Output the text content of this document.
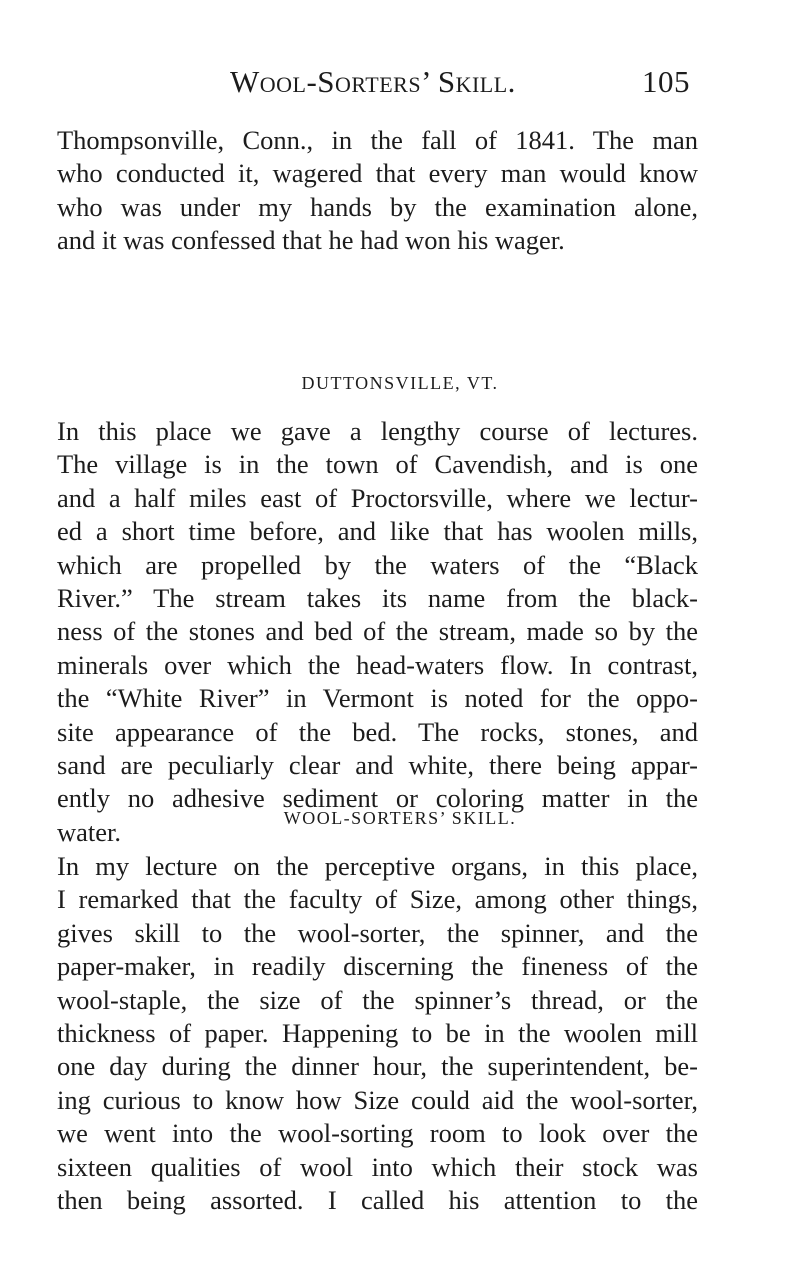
Wool-Sorters’ Skill.	105
Thompsonville, Conn., in the fall of 1841. The man
who conducted it, wagered that every man would know
who was under my hands by the examination alone,
and it was confessed that he had won his wager.
DUTTONSVILLE, VT.
In this place we gave a lengthy course of lectures.
The village is in the town of Cavendish, and is one
and a half miles east of Proctorsville, where we lectur-
ed a short time before, and like that has woolen mills,
which are propelled by the waters of the “Black
River.” The stream takes its name from the black-
ness of the stones and bed of the stream, made so by the
minerals over which the head-waters flow. In contrast,
the “White River” in Vermont is noted for the oppo-
site appearance of the bed. The rocks, stones, and
sand are peculiarly clear and white, there being appar-
ently no adhesive sediment or coloring matter in the
water.	WOOL-SORTERS’ SKILL.
In my lecture on the perceptive organs, in this place,
I remarked that the faculty of Size, among other things,
gives skill to the wool-sorter, the spinner, and the
paper-maker, in readily discerning the fineness of the
wool-staple, the size of the spinner’s thread, or the
thickness of paper. Happening to be in the woolen mill
one day during the dinner hour, the superintendent, be-
ing curious to know how Size could aid the wool-sorter,
we went into the wool-sorting room to look over the
sixteen qualities of wool into which their stock was
then being assorted. I called his attention to the
